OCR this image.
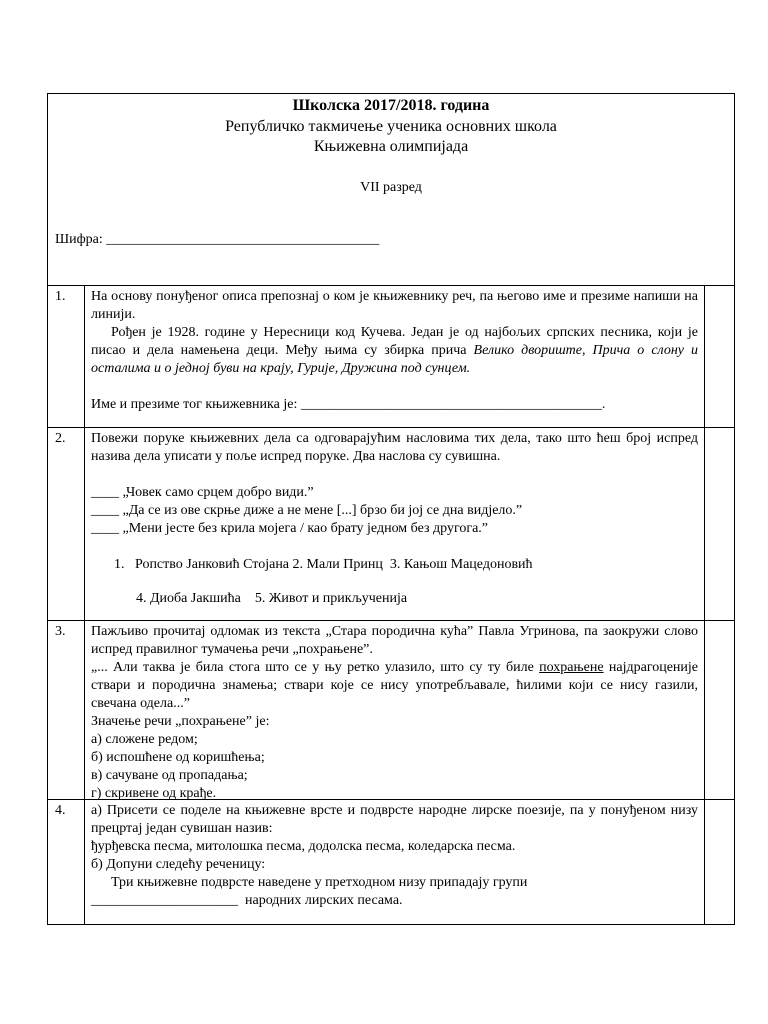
Школска 2017/2018. година
Републичко такмичење ученика основних школа
Књижевна олимпијада
VII разред
Шифра: _______________________________________
1. На основу понуђеног описа препознај о ком је књижевнику реч, па његово име и презиме напиши на линији.

Рођен је 1928. године у Нересници код Кучева. Један је од најбољих српских песника, који је писао и дела намењена деци. Међу њима су збирка прича Велико двориште, Прича о слону и осталима и о једној буви на крају, Гурије, Дружина под сунцем.

Име и презиме тог књижевника је: ___________________________________________.

2. Повежи поруке књижевних дела са одговарајућим насловима тих дела, тако што ћеш број испред назива дела уписати у поље испред поруке. Два наслова су сувишна.

____ „Човек само срцем добро види.”

____ „Да се из ове скрње диже а не мене [...] брзо би јој се дна видјело.”

____ „Мени јесте без крила мојега / као брату једном без другога.”

1.   Ропство Јанковић Стојана 2. Мали Принц  3. Кањош Мацедоновић

4. Диоба Јакшића    5. Живот и прикљученија

3. Пажљиво прочитај одломак из текста „Стара породична кућа” Павла Угринова, па заокружи слово испред правилног тумачења речи „похрањене”.

„... Али таква је била стога што се у њу ретко улазило, што су ту биле похрањене најдрагоценије ствари и породична знамења; ствари које се нису употребљавале, ћилими који се нису газили, свечана одела...”

Значење речи „похрањене” је:

а) сложене редом;

б) испошћене од коришћења;

в) сачуване од пропадања;

г) скривене од крађе.

4. а) Присети се поделе на књижевне врсте и подврсте народне лирске поезије, па у понуђеном низу прецртај један сувишан назив:

ђурђевска песма, митолошка песма, додолска песма, коледарска песма.

б) Допуни следећу реченицу:

Три књижевне подврсте наведене у претходном низу припадају групи

_____________________  народних лирских песама.
